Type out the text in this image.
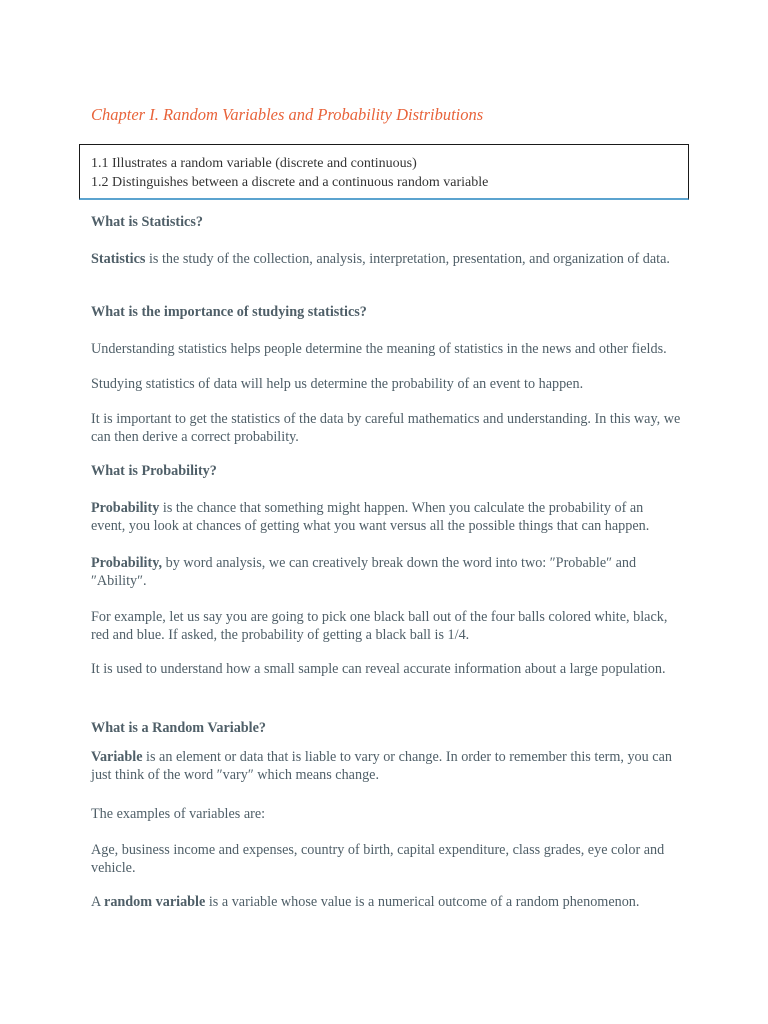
Chapter I. Random Variables and Probability Distributions
1.1 Illustrates a random variable (discrete and continuous)
1.2 Distinguishes between a discrete and a continuous random variable
What is Statistics?
Statistics is the study of the collection, analysis, interpretation, presentation, and organization of data.
What is the importance of studying statistics?
Understanding statistics helps people determine the meaning of statistics in the news and other fields.
Studying statistics of data will help us determine the probability of an event to happen.
It is important to get the statistics of the data by careful mathematics and understanding. In this way, we can then derive a correct probability.
What is Probability?
Probability is the chance that something might happen. When you calculate the probability of an event, you look at chances of getting what you want versus all the possible things that can happen.
Probability, by word analysis, we can creatively break down the word into two: ″Probable″ and ″Ability″.
For example, let us say you are going to pick one black ball out of the four balls colored white, black, red and blue. If asked, the probability of getting a black ball is 1/4.
It is used to understand how a small sample can reveal accurate information about a large population.
What is a Random Variable?
Variable is an element or data that is liable to vary or change. In order to remember this term, you can just think of the word ″vary″ which means change.
The examples of variables are:
Age, business income and expenses, country of birth, capital expenditure, class grades, eye color and vehicle.
A random variable is a variable whose value is a numerical outcome of a random phenomenon.
